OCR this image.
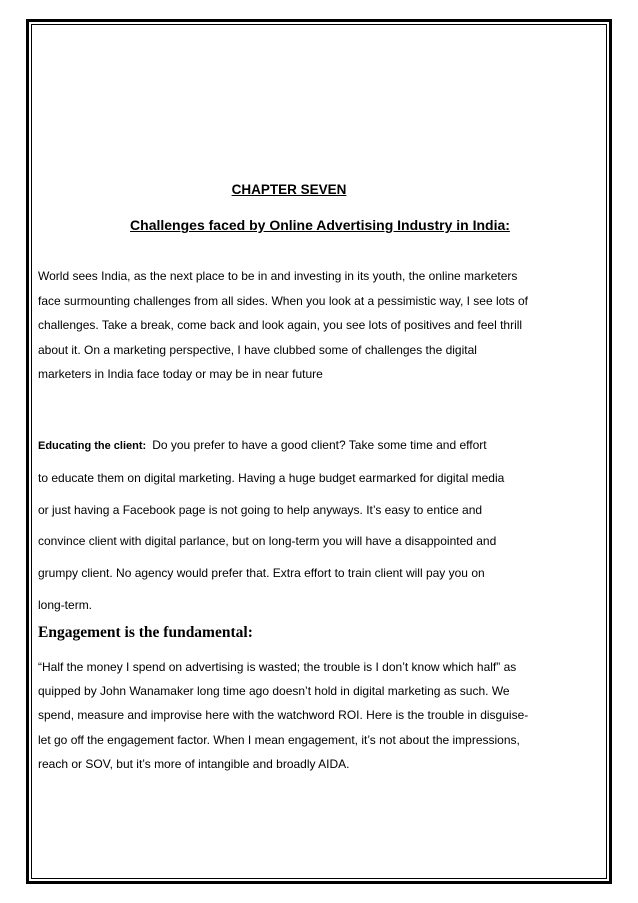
CHAPTER SEVEN
Challenges faced by Online Advertising Industry in India:
World sees India, as the next place to be in and investing in its youth, the online marketers
face surmounting challenges from all sides. When you look at a pessimistic way, I see lots of
challenges. Take a break, come back and look again, you see lots of positives and feel thrill
about it. On a marketing perspective, I have clubbed some of challenges the digital
marketers in India face today or may be in near future
Educating the client: Do you prefer to have a good client? Take some time and effort
to educate them on digital marketing. Having a huge budget earmarked for digital media
or just having a Facebook page is not going to help anyways. It’s easy to entice and
convince client with digital parlance, but on long-term you will have a disappointed and
grumpy client. No agency would prefer that. Extra effort to train client will pay you on
long-term.
Engagement is the fundamental:
“Half the money I spend on advertising is wasted; the trouble is I don’t know which half” as
quipped by John Wanamaker long time ago doesn’t hold in digital marketing as such. We
spend, measure and improvise here with the watchword ROI. Here is the trouble in disguise-
let go off the engagement factor. When I mean engagement, it’s not about the impressions,
reach or SOV, but it’s more of intangible and broadly AIDA.
